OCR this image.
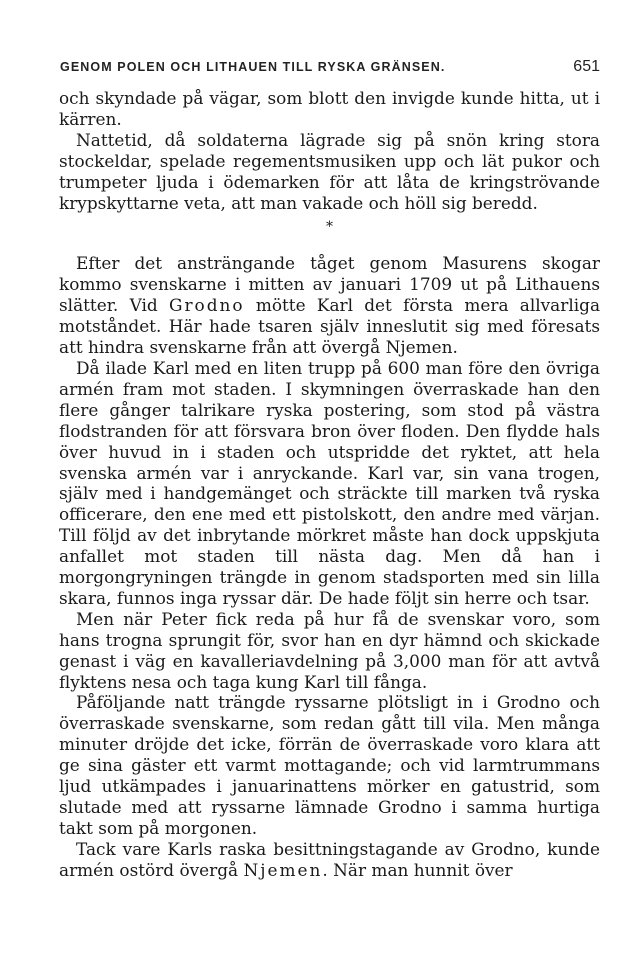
GENOM POLEN OCH LITHAUEN TILL RYSKA GRÄNSEN.	651

och skyndade på vägar, som blott den invigde kunde hitta, ut i kärren.

Nattetid, då soldaterna lägrade sig på snön kring stora stockeldar, spelade regementsmusiken upp och lät pukor och trumpeter ljuda i ödemarken för att låta de kringströvande krypskyttarne veta, att man vakade och höll sig beredd.

*

Efter det ansträngande tåget genom Masurens skogar kommo svenskarne i mitten av januari 1709 ut på Lithauens slätter. Vid Grodno mötte Karl det första mera allvarliga motståndet. Här hade tsaren själv inneslutit sig med föresats att hindra svenskarne från att övergå Njemen.

Då ilade Karl med en liten trupp på 600 man före den övriga armén fram mot staden. I skymningen överraskade han den flere gånger talrikare ryska postering, som stod på västra flodstranden för att försvara bron över floden. Den flydde hals över huvud in i staden och utspridde det ryktet, att hela svenska armén var i anryckande. Karl var, sin vana trogen, själv med i handgemänget och sträckte till marken två ryska officerare, den ene med ett pistolskott, den andre med värjan. Till följd av det inbrytande mörkret måste han dock uppskjuta anfallet mot staden till nästa dag. Men då han i morgongryningen trängde in genom stadsporten med sin lilla skara, funnos inga ryssar där. De hade följt sin herre och tsar.

Men när Peter fick reda på hur få de svenskar voro, som hans trogna sprungit för, svor han en dyr hämnd och skickade genast i väg en kavalleriavdelning på 3,000 man för att avtvå flyktens nesa och taga kung Karl till fånga.

Påföljande natt trängde ryssarne plötsligt in i Grodno och överraskade svenskarne, som redan gått till vila. Men många minuter dröjde det icke, förrän de överraskade voro klara att ge sina gäster ett varmt mottagande; och vid larmtrummans ljud utkämpades i januarinattens mörker en gatustrid, som slutade med att ryssarne lämnade Grodno i samma hurtiga takt som på morgonen.

Tack vare Karls raska besittningstagande av Grodno, kunde armén ostörd övergå Njemen. När man hunnit över
